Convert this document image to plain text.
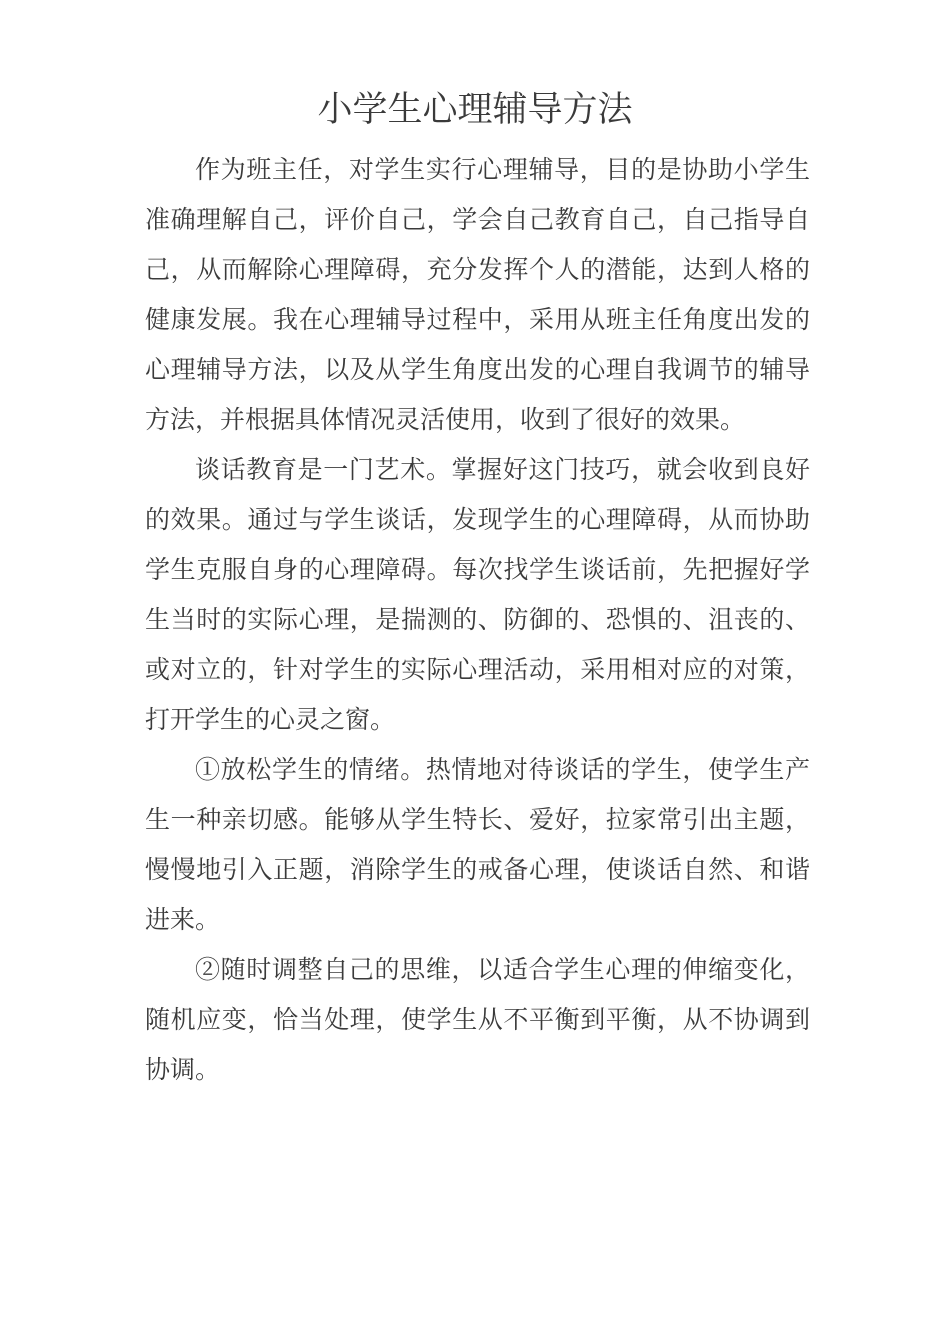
小学生心理辅导方法

作为班主任，对学生实行心理辅导，目的是协助小学生准确理解自己，评价自己，学会自己教育自己，自己指导自己，从而解除心理障碍，充分发挥个人的潜能，达到人格的健康发展。我在心理辅导过程中，采用从班主任角度出发的心理辅导方法，以及从学生角度出发的心理自我调节的辅导方法，并根据具体情况灵活使用，收到了很好的效果。

谈话教育是一门艺术。掌握好这门技巧，就会收到良好的效果。通过与学生谈话，发现学生的心理障碍，从而协助学生克服自身的心理障碍。每次找学生谈话前，先把握好学生当时的实际心理，是揣测的、防御的、恐惧的、沮丧的、或对立的，针对学生的实际心理活动，采用相对应的对策，打开学生的心灵之窗。

①放松学生的情绪。热情地对待谈话的学生，使学生产生一种亲切感。能够从学生特长、爱好，拉家常引出主题，慢慢地引入正题，消除学生的戒备心理，使谈话自然、和谐进来。

②随时调整自己的思维，以适合学生心理的伸缩变化，随机应变，恰当处理，使学生从不平衡到平衡，从不协调到协调。
